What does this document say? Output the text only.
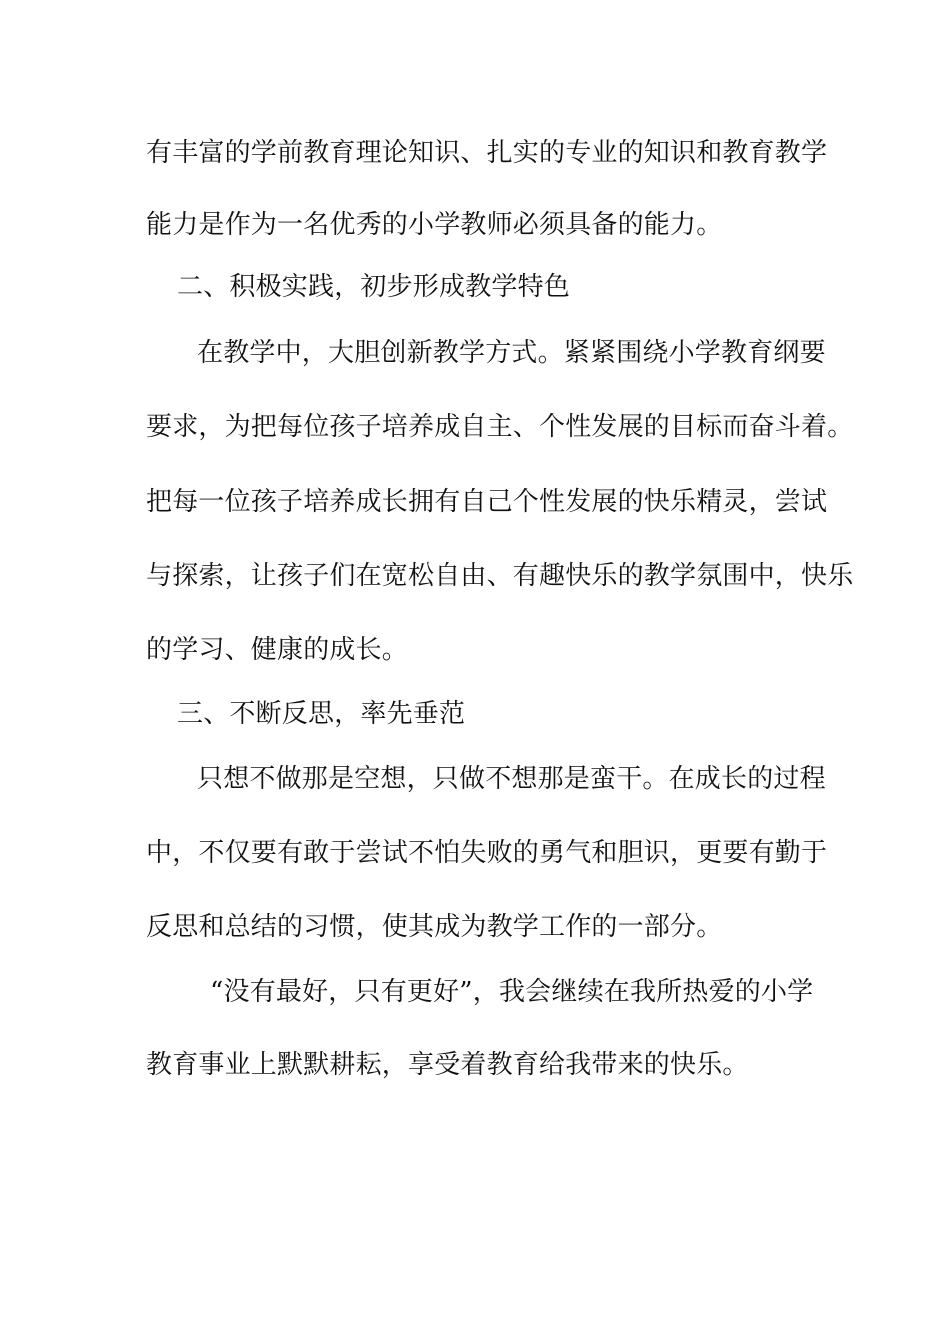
有丰富的学前教育理论知识、扎实的专业的知识和教育教学
能力是作为一名优秀的小学教师必须具备的能力。
二、积极实践，初步形成教学特色
在教学中，大胆创新教学方式。紧紧围绕小学教育纲要
要求，为把每位孩子培养成自主、个性发展的目标而奋斗着。
把每一位孩子培养成长拥有自己个性发展的快乐精灵，尝试
与探索，让孩子们在宽松自由、有趣快乐的教学氛围中，快乐
的学习、健康的成长。
三、不断反思，率先垂范
只想不做那是空想，只做不想那是蛮干。在成长的过程
中，不仅要有敢于尝试不怕失败的勇气和胆识，更要有勤于
反思和总结的习惯，使其成为教学工作的一部分。
“没有最好，只有更好”，我会继续在我所热爱的小学
教育事业上默默耕耘，享受着教育给我带来的快乐。
